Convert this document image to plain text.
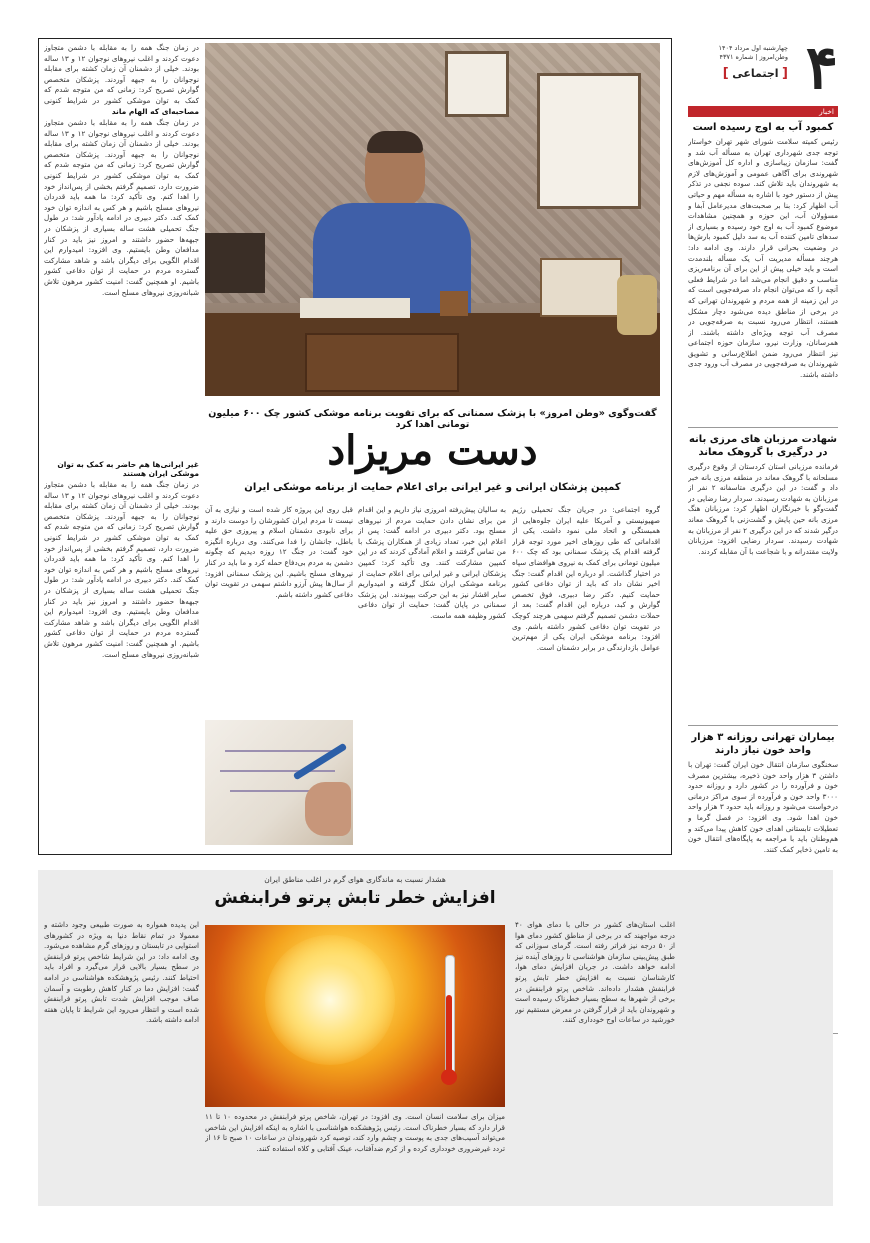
۴
چهارشنبه اول مرداد ۱۴۰۴
وطن‌امروز | شماره ۴۳۷۱
[ اجتماعی ]
اخبار
کمبود آب به اوج رسیده است
رئیس کمیته سلامت شورای شهر تهران خواستار توجه جدی شهرداری تهران به مسأله آب شد و گفت: سازمان زیباسازی و اداره کل آموزش‌های شهروندی برای آگاهی عمومی و آموزش‌های لازم به شهروندان باید تلاش کند. سوده نجفی در تذکر پیش از دستور خود با اشاره به مسأله مهم و حیاتی آب اظهار کرد: بنا بر صحبت‌های مدیرعامل آبفا و مسؤولان آب، این حوزه و همچنین مشاهدات موضوع کمبود آب به اوج خود رسیده و بسیاری از سدهای تامین کننده آب به سد دلیل کمبود بارش‌ها در وضعیت بحرانی قرار دارند. وی ادامه داد: هرچند مسأله مدیریت آب یک مسأله بلندمدت است و باید خیلی پیش از این برای آن برنامه‌ریزی مناسب و دقیق انجام می‌شد اما در شرایط فعلی آنچه را که می‌توان انجام داد صرفه‌جویی است که در این زمینه از همه مردم و شهروندان تهرانی که در برخی از مناطق دیده می‌شود دچار مشکل هستند، انتظار می‌رود نسبت به صرفه‌جویی در مصرف آب توجه ویژه‌ای داشته باشند. از همرسانان، وزارت نیرو، سازمان حوزه اجتماعی نیز انتظار می‌رود ضمن اطلاع‌رسانی و تشویق شهروندان به صرفه‌جویی در مصرف آب ورود جدی داشته باشند.
شهادت مرزبان های مرزی بانه در درگیری با گروهک معاند
فرمانده مرزبانی استان کردستان از وقوع درگیری مسلحانه با گروهک معاند در منطقه مرزی بانه خبر داد و گفت: در این درگیری متاسفانه ۲ نفر از مرزبانان به شهادت رسیدند. سردار رضا رضایی در گفت‌وگو با خبرنگاران اظهار کرد: مرزبانان هنگ مرزی بانه حین پایش و گشت‌زنی با گروهک معاند درگیر شدند که در این درگیری ۲ نفر از مرزبانان به شهادت رسیدند. سردار رضایی افزود: مرزبانان ولایت مقتدرانه و با شجاعت با آن مقابله کردند.
بیماران تهرانی روزانه ۳ هزار واحد خون نیاز دارند
سخنگوی سازمان انتقال خون ایران گفت: تهران با داشتن ۳ هزار واحد خون ذخیره، بیشترین مصرف خون و فرآورده را در کشور دارد و روزانه حدود ۳۰۰۰ واحد خون و فرآورده از سوی مراکز درمانی درخواست می‌شود و روزانه باید حدود ۳ هزار واحد خون اهدا شود. وی افزود: در فصل گرما و تعطیلات تابستانی اهدای خون کاهش پیدا می‌کند و هم‌وطنان باید با مراجعه به پایگاه‌های انتقال خون به تامین ذخایر کمک کنند.
گفت‌وگوی «وطن امروز» با پزشک سمنانی که برای تقویت برنامه موشکی کشور چک ۶۰۰ میلیون تومانی اهدا کرد
دست مریزاد
کمپین پزشکان ایرانی و غیر ایرانی برای اعلام حمایت از برنامه موشکی ایران
گروه اجتماعی: در جریان جنگ تحمیلی رژیم صهیونیستی و آمریکا علیه ایران جلوه‌هایی از همبستگی و اتحاد ملی نمود داشت. یکی از اقداماتی که طی روزهای اخیر مورد توجه قرار گرفته اقدام یک پزشک سمنانی بود که چک ۶۰۰ میلیون تومانی برای کمک به نیروی هوافضای سپاه در اختیار گذاشت. او درباره این اقدام گفت: جنگ اخیر نشان داد که باید از توان دفاعی کشور حمایت کنیم. دکتر رضا دبیری، فوق تخصص گوارش و کبد، درباره این اقدام گفت: بعد از حملات دشمن تصمیم گرفتم سهمی هرچند کوچک در تقویت توان دفاعی کشور داشته باشم. وی افزود: برنامه موشکی ایران یکی از مهم‌ترین عوامل بازدارندگی در برابر دشمنان است.
به سالیان پیش‌رفته امروزی نیاز داریم و این اقدام من برای نشان دادن حمایت مردم از نیروهای مسلح بود. دکتر دبیری در ادامه گفت: پس از اعلام این خبر، تعداد زیادی از همکاران پزشک با من تماس گرفتند و اعلام آمادگی کردند که در این کمپین مشارکت کنند. وی تأکید کرد: کمپین پزشکان ایرانی و غیر ایرانی برای اعلام حمایت از برنامه موشکی ایران شکل گرفته و امیدواریم سایر اقشار نیز به این حرکت بپیوندند. این پزشک سمنانی در پایان گفت: حمایت از توان دفاعی کشور وظیفه همه ماست.
قبل روی این پروژه کار شده است و نیازی به آن نیست تا مردم ایران کشورشان را دوست دارند و برای نابودی دشمنان اسلام و پیروزی حق علیه باطل، جانشان را فدا می‌کنند. وی درباره انگیزه خود گفت: در جنگ ۱۲ روزه دیدیم که چگونه دشمن به مردم بی‌دفاع حمله کرد و ما باید در کنار نیروهای مسلح باشیم. این پزشک سمنانی افزود: از سال‌ها پیش آرزو داشتم سهمی در تقویت توان دفاعی کشور داشته باشم.
در زمان جنگ همه را به مقابله با دشمن متجاوز دعوت کردند و اغلب نیروهای نوجوان ۱۲ و ۱۳ ساله بودند. خیلی از دشمنان آن زمان کشته برای مقابله نوجوانان را به جبهه آوردند. پزشکان متخصص گوارش تصریح کرد: زمانی که من متوجه شدم که کمک به توان موشکی کشور در شرایط کنونی
مصاحبه‌ای که الهام ماند
در زمان جنگ همه را به مقابله با دشمن متجاوز دعوت کردند و اغلب نیروهای نوجوان ۱۲ و ۱۳ ساله بودند. خیلی از دشمنان آن زمان کشته برای مقابله نوجوانان را به جبهه آوردند. پزشکان متخصص گوارش تصریح کرد: زمانی که من متوجه شدم که کمک به توان موشکی کشور در شرایط کنونی ضرورت دارد، تصمیم گرفتم بخشی از پس‌انداز خود را اهدا کنم. وی تأکید کرد: ما همه باید قدردان نیروهای مسلح باشیم و هر کس به اندازه توان خود کمک کند. دکتر دبیری در ادامه یادآور شد: در طول جنگ تحمیلی هشت ساله بسیاری از پزشکان در جبهه‌ها حضور داشتند و امروز نیز باید در کنار مدافعان وطن بایستیم. وی افزود: امیدوارم این اقدام الگویی برای دیگران باشد و شاهد مشارکت گسترده مردم در حمایت از توان دفاعی کشور باشیم. او همچنین گفت: امنیت کشور مرهون تلاش شبانه‌روزی نیروهای مسلح است.
غیر ایرانی‌ها هم حاضر به کمک به توان موشکی ایران هستند
در زمان جنگ همه را به مقابله با دشمن متجاوز دعوت کردند و اغلب نیروهای نوجوان ۱۲ و ۱۳ ساله بودند. خیلی از دشمنان آن زمان کشته برای مقابله نوجوانان را به جبهه آوردند. پزشکان متخصص گوارش تصریح کرد: زمانی که من متوجه شدم که کمک به توان موشکی کشور در شرایط کنونی ضرورت دارد، تصمیم گرفتم بخشی از پس‌انداز خود را اهدا کنم. وی تأکید کرد: ما همه باید قدردان نیروهای مسلح باشیم و هر کس به اندازه توان خود کمک کند. دکتر دبیری در ادامه یادآور شد: در طول جنگ تحمیلی هشت ساله بسیاری از پزشکان در جبهه‌ها حضور داشتند و امروز نیز باید در کنار مدافعان وطن بایستیم. وی افزود: امیدوارم این اقدام الگویی برای دیگران باشد و شاهد مشارکت گسترده مردم در حمایت از توان دفاعی کشور باشیم. او همچنین گفت: امنیت کشور مرهون تلاش شبانه‌روزی نیروهای مسلح است.
هشدار نسبت به ماندگاری هوای گرم در اغلب مناطق ایران
افزایش خطر تابش پرتو فرابنفش
اغلب استان‌های کشور در حالی با دمای هوای ۴۰ درجه مواجهند که در برخی از مناطق کشور دمای هوا از ۵۰ درجه نیز فراتر رفته است. گرمای سوزانی که طبق پیش‌بینی سازمان هواشناسی تا روزهای آینده نیز ادامه خواهد داشت. در جریان افزایش دمای هوا، کارشناسان نسبت به افزایش خطر تابش پرتو فرابنفش هشدار داده‌اند. شاخص پرتو فرابنفش در برخی از شهرها به سطح بسیار خطرناک رسیده است و شهروندان باید از قرار گرفتن در معرض مستقیم نور خورشید در ساعات اوج خودداری کنند.
میزان برای سلامت انسان است. وی افزود: در تهران، شاخص پرتو فرابنفش در محدوده ۱۰ تا ۱۱ قرار دارد که بسیار خطرناک است. رئیس پژوهشکده هواشناسی با اشاره به اینکه افزایش این شاخص می‌تواند آسیب‌های جدی به پوست و چشم وارد کند، توصیه کرد شهروندان در ساعات ۱۰ صبح تا ۱۶ از تردد غیرضروری خودداری کرده و از کرم ضدآفتاب، عینک آفتابی و کلاه استفاده کنند.
این پدیده همواره به صورت طبیعی وجود داشته و معمولا در تمام نقاط دنیا به ویژه در کشورهای استوایی در تابستان و روزهای گرم مشاهده می‌شود. وی ادامه داد: در این شرایط شاخص پرتو فرابنفش در سطح بسیار بالایی قرار می‌گیرد و افراد باید احتیاط کنند. رئیس پژوهشکده هواشناسی در ادامه گفت: افزایش دما در کنار کاهش رطوبت و آسمان صاف موجب افزایش شدت تابش پرتو فرابنفش شده است و انتظار می‌رود این شرایط تا پایان هفته ادامه داشته باشد.
